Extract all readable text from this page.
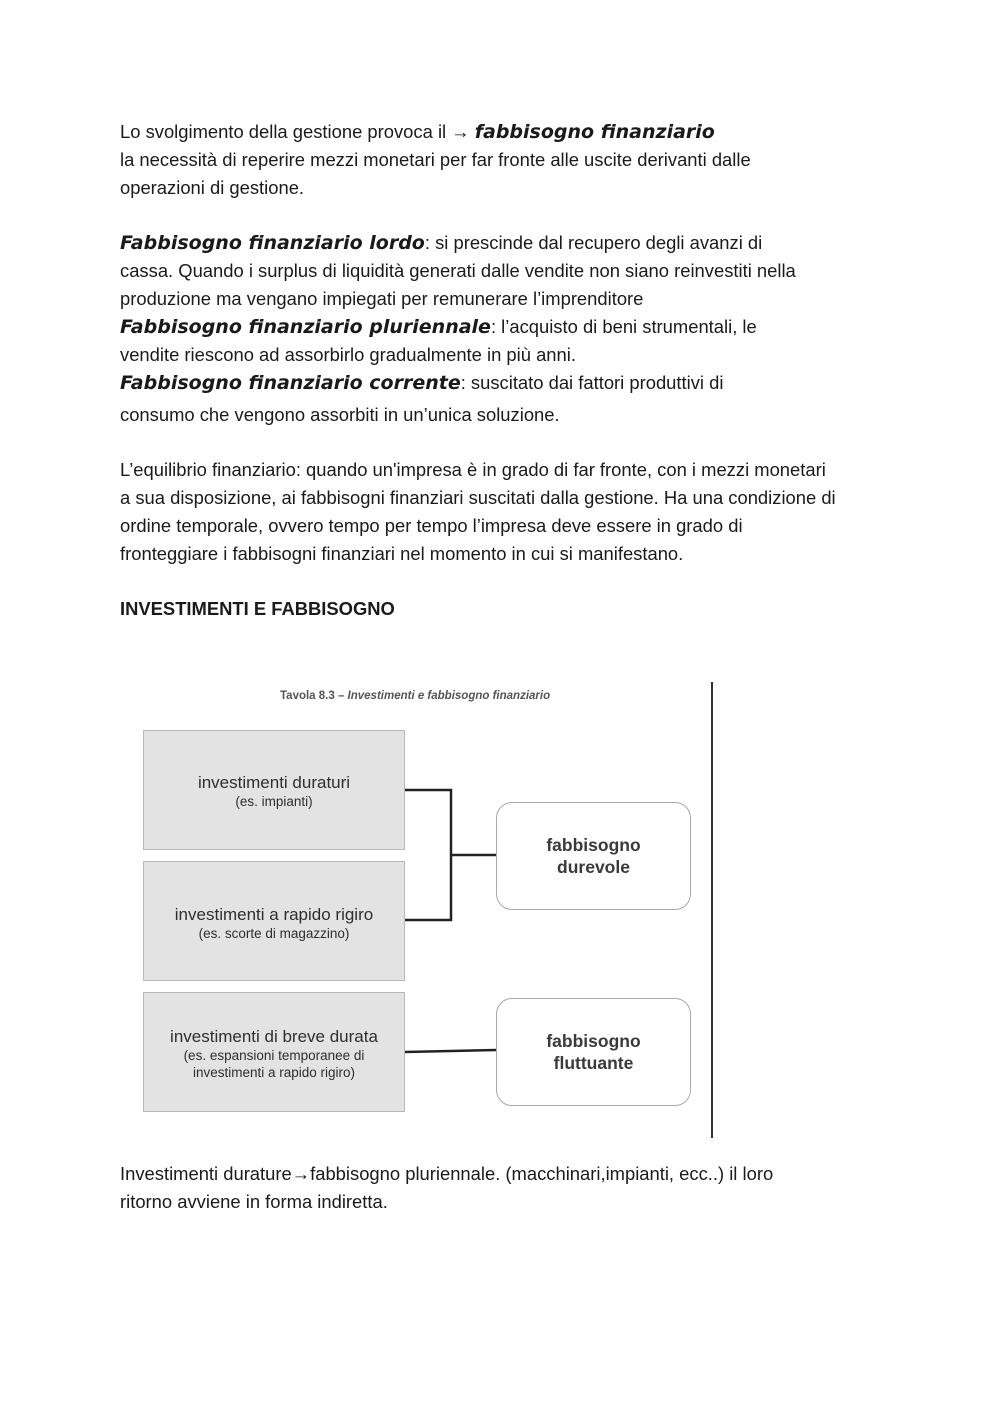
Lo svolgimento della gestione provoca il → fabbisogno finanziario

la necessità di reperire mezzi monetari per far fronte alle uscite derivanti dalle

operazioni di gestione.

Fabbisogno finanziario lordo: si prescinde dal recupero degli avanzi di

cassa. Quando i surplus di liquidità generati dalle vendite non siano reinvestiti nella

produzione ma vengano impiegati per remunerare l’imprenditore

Fabbisogno finanziario pluriennale: l’acquisto di beni strumentali, le

vendite riescono ad assorbirlo gradualmente in più anni.

Fabbisogno finanziario corrente: suscitato dai fattori produttivi di

consumo che vengono assorbiti in un’unica soluzione.

L’equilibrio finanziario: quando un'impresa è in grado di far fronte, con i mezzi monetari

a sua disposizione, ai fabbisogni finanziari suscitati dalla gestione. Ha una condizione di

ordine temporale, ovvero tempo per tempo l’impresa deve essere in grado di

fronteggiare i fabbisogni finanziari nel momento in cui si manifestano.

INVESTIMENTI E FABBISOGNO

Tavola 8.3 – Investimenti e fabbisogno finanziario
investimenti duraturi
(es. impianti)
investimenti a rapido rigiro
(es. scorte di magazzino)
investimenti di breve durata
(es. espansioni temporanee di
investimenti a rapido rigiro)
fabbisogno
durevole
fabbisogno
fluttuante

Investimenti durature→fabbisogno pluriennale. (macchinari,impianti, ecc..) il loro

ritorno avviene in forma indiretta.
